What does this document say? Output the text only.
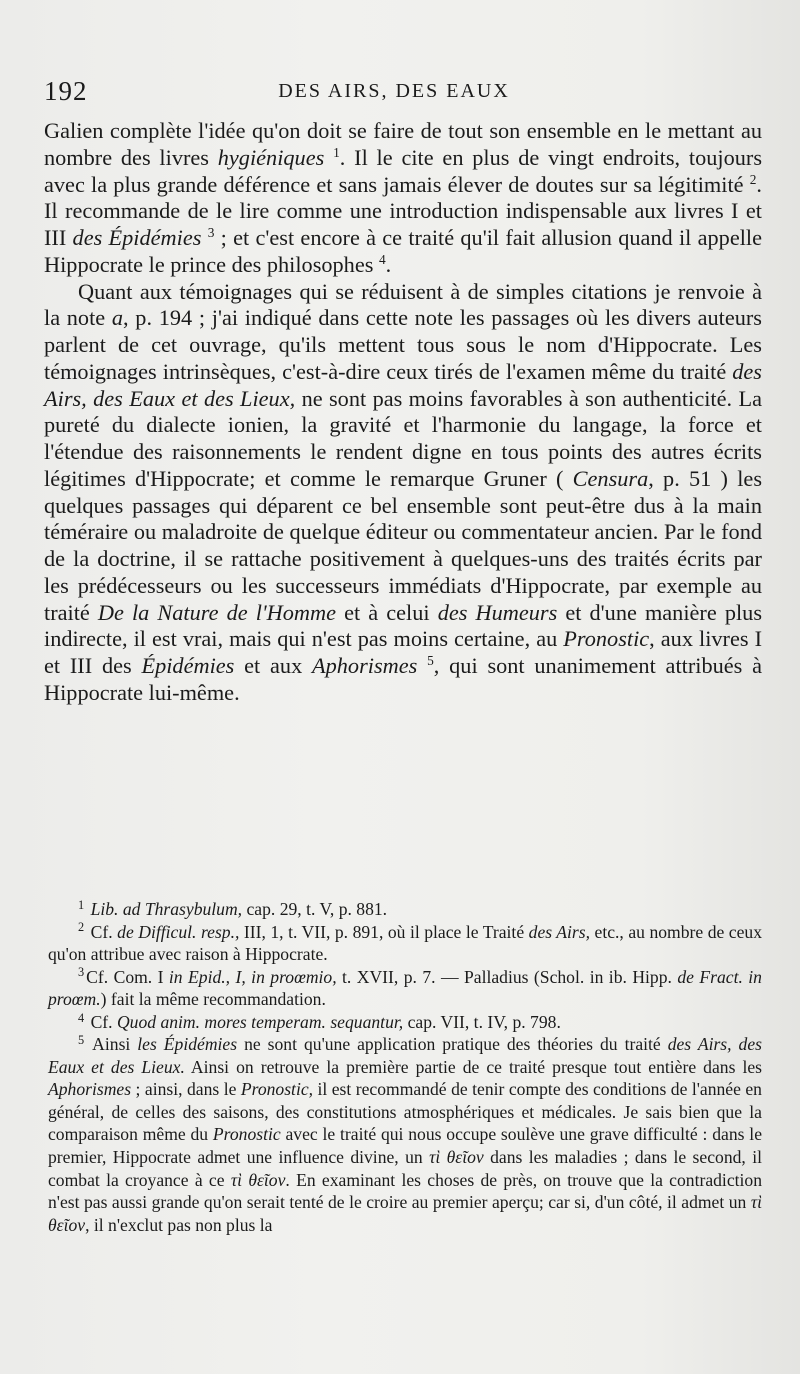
192	DES AIRS, DES EAUX

Galien complète l'idée qu'on doit se faire de tout son ensemble en le mettant au nombre des livres hygiéniques $^1$. Il le cite en plus de vingt endroits, toujours avec la plus grande déférence et sans jamais élever de doutes sur sa légitimité $^2$. Il recommande de le lire comme une introduction indispensable aux livres I et III des Épidémies $^3$ ; et c'est encore à ce traité qu'il fait allusion quand il appelle Hippocrate le prince des philosophes $^4$.

Quant aux témoignages qui se réduisent à de simples citations je renvoie à la note a, p. 194 ; j'ai indiqué dans cette note les passages où les divers auteurs parlent de cet ouvrage, qu'ils mettent tous sous le nom d'Hippocrate. Les témoignages intrinsèques, c'est-à-dire ceux tirés de l'examen même du traité des Airs, des Eaux et des Lieux, ne sont pas moins favorables à son authenticité. La pureté du dialecte ionien, la gravité et l'harmonie du langage, la force et l'étendue des raisonnements le rendent digne en tous points des autres écrits légitimes d'Hippocrate; et comme le remarque Gruner ( Censura, p. 51 ) les quelques passages qui déparent ce bel ensemble sont peut-être dus à la main téméraire ou maladroite de quelque éditeur ou commentateur ancien. Par le fond de la doctrine, il se rattache positivement à quelques-uns des traités écrits par les prédécesseurs ou les successeurs immédiats d'Hippocrate, par exemple au traité De la Nature de l'Homme et à celui des Humeurs et d'une manière plus indirecte, il est vrai, mais qui n'est pas moins certaine, au Pronostic, aux livres I et III des Épidémies et aux Aphorismes $^5$, qui sont unanimement attribués à Hippocrate lui-même.

$^1$ Lib. ad Thrasybulum, cap. 29, t. V, p. 881.

$^2$ Cf. de Difficul. resp., III, 1, t. VII, p. 891, où il place le Traité des Airs, etc., au nombre de ceux qu'on attribue avec raison à Hippocrate.

$^3$ Cf. Com. I in Epid., I, in proœmio, t. XVII, p. 7. — Palladius (Schol. in ib. Hipp. de Fract. in proœm.) fait la même recommandation.

$^4$ Cf. Quod anim. mores temperam. sequantur, cap. VII, t. IV, p. 798.

$^5$ Ainsi les Épidémies ne sont qu'une application pratique des théories du traité des Airs, des Eaux et des Lieux. Ainsi on retrouve la première partie de ce traité presque tout entière dans les Aphorismes ; ainsi, dans le Pronostic, il est recommandé de tenir compte des conditions de l'année en général, de celles des saisons, des constitutions atmosphériques et médicales. Je sais bien que la comparaison même du Pronostic avec le traité qui nous occupe soulève une grave difficulté : dans le premier, Hippocrate admet une influence divine, un τὶ θεῖον dans les maladies ; dans le second, il combat la croyance à ce τὶ θεῖον. En examinant les choses de près, on trouve que la contradiction n'est pas aussi grande qu'on serait tenté de le croire au premier aperçu; car si, d'un côté, il admet un τὶ θεῖον, il n'exclut pas non plus la
